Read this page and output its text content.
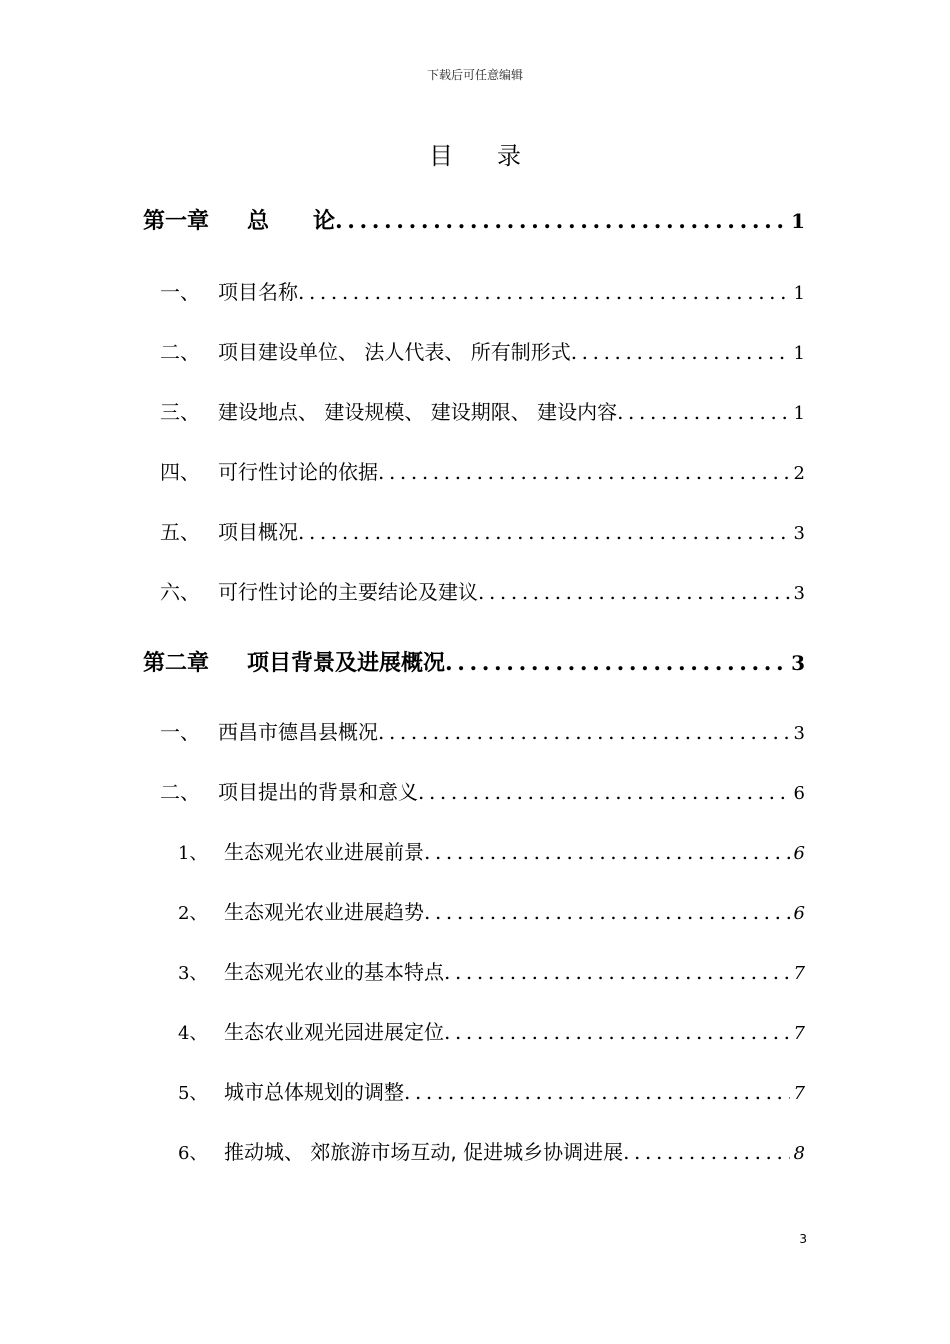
下载后可任意编辑
目录
第一章	总　　论 .....	1
一、 项目名称 .....	1
二、 项目建设单位、 法人代表、 所有制形式 .....	1
三、 建设地点、 建设规模、 建设期限、 建设内容 .....	1
四、 可行性讨论的依据 .....	2
五、 项目概况 .....	3
六、 可行性讨论的主要结论及建议 .....	3
第二章	项目背景及进展概况 .....	3
一、 西昌市德昌县概况 .....	3
二、 项目提出的背景和意义 .....	6
1、 生态观光农业进展前景 .....	6
2、 生态观光农业进展趋势 .....	6
3、 生态观光农业的基本特点 .....	7
4、 生态农业观光园进展定位 .....	7
5、 城市总体规划的调整 .....	7
6、 推动城、 郊旅游市场互动, 促进城乡协调进展 .....	8
3
